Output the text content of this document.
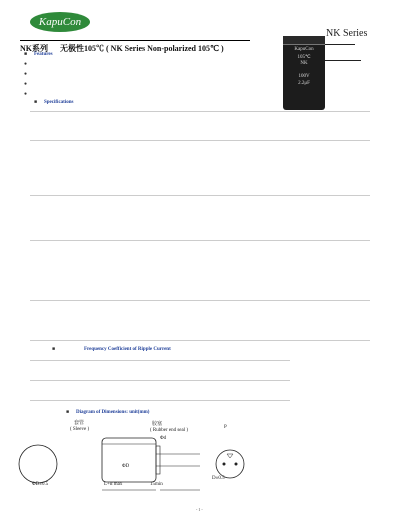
KapuCon
NK Series
NK系列 无极性105℃ ( NK Series Non-polarized 105℃ )	KapuCon
105℃
NK
100V
2.2μF
■ Features
●
●
●
●
■ Specifications
■	Frequency Coefficient of Ripple Current
■ Diagram of Dimensions: unit(mm)
套管
( Sleeve )
胶塞
( Rubber end seal )
Φd
ΦD
ΦD±0.5	L+α max	15min
P
D±0.5
- 1 -
